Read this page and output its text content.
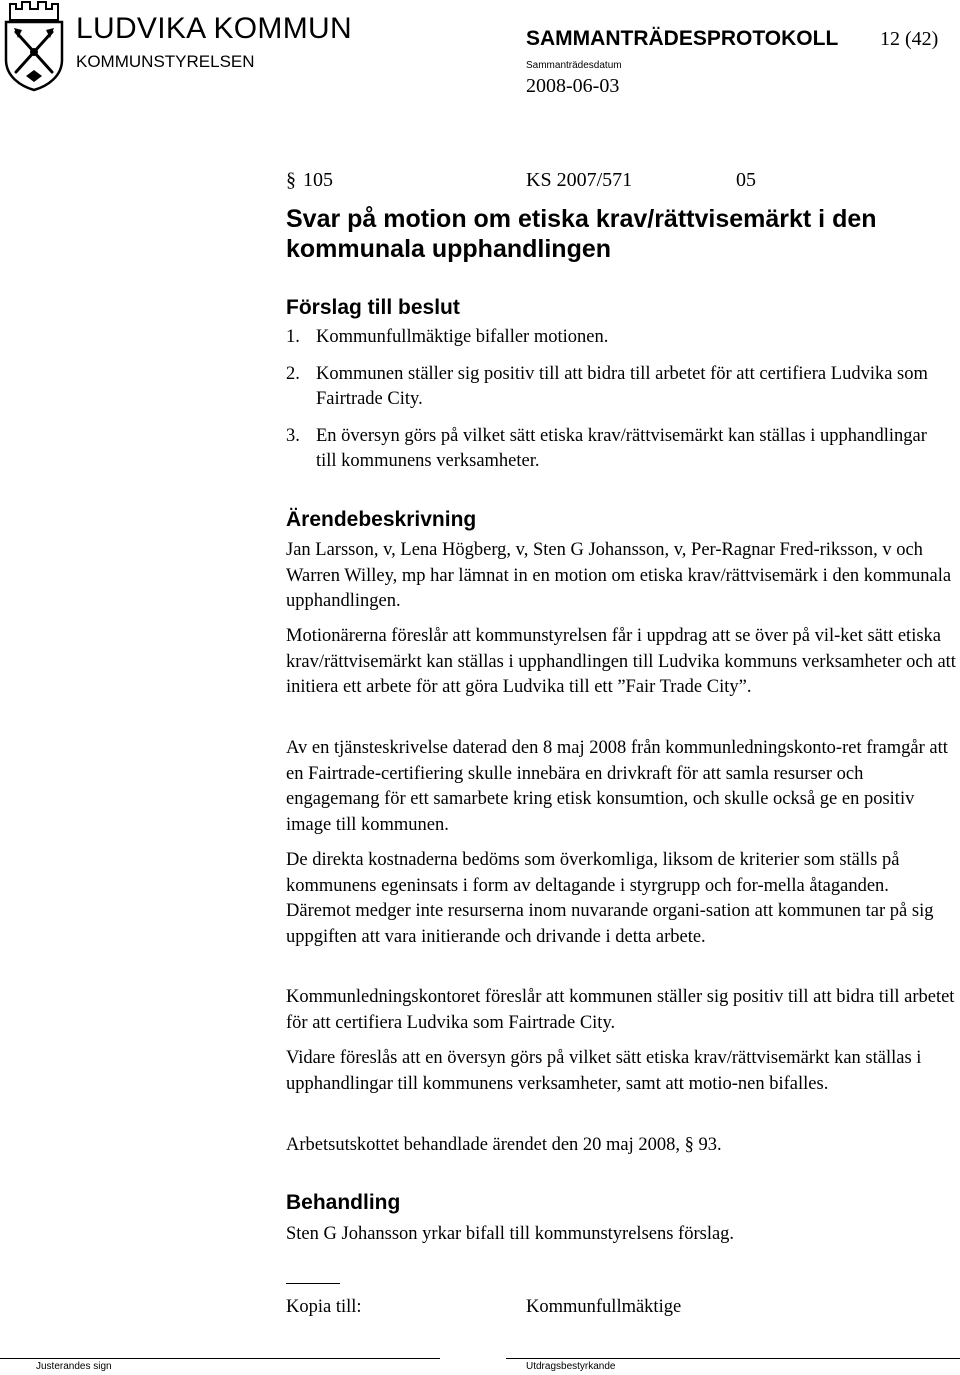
LUDVIKA KOMMUN
KOMMUNSTYRELSEN
SAMMANTRÄDESPROTOKOLL 12 (42)
Sammanträdesdatum
2008-06-03
§ 105	KS 2007/571	05
Svar på motion om etiska krav/rättvisemärkt i den kommunala upphandlingen
Förslag till beslut
1. Kommunfullmäktige bifaller motionen.
2. Kommunen ställer sig positiv till att bidra till arbetet för att certifiera Ludvika som Fairtrade City.
3. En översyn görs på vilket sätt etiska krav/rättvisemärkt kan ställas i upphandlingar till kommunens verksamheter.
Ärendebeskrivning
Jan Larsson, v, Lena Högberg, v, Sten G Johansson, v, Per-Ragnar Fred-riksson, v och Warren Willey, mp har lämnat in en motion om etiska krav/rättvisemärk i den kommunala upphandlingen.
Motionärerna föreslår att kommunstyrelsen får i uppdrag att se över på vil-ket sätt etiska krav/rättvisemärkt kan ställas i upphandlingen till Ludvika kommuns verksamheter och att initiera ett arbete för att göra Ludvika till ett ”Fair Trade City”.
Av en tjänsteskrivelse daterad den 8 maj 2008 från kommunledningskonto-ret framgår att en Fairtrade-certifiering skulle innebära en drivkraft för att samla resurser och engagemang för ett samarbete kring etisk konsumtion, och skulle också ge en positiv image till kommunen.
De direkta kostnaderna bedöms som överkomliga, liksom de kriterier som ställs på kommunens egeninsats i form av deltagande i styrgrupp och for-mella åtaganden. Däremot medger inte resurserna inom nuvarande organi-sation att kommunen tar på sig uppgiften att vara initierande och drivande i detta arbete.
Kommunledningskontoret föreslår att kommunen ställer sig positiv till att bidra till arbetet för att certifiera Ludvika som Fairtrade City.
Vidare föreslås att en översyn görs på vilket sätt etiska krav/rättvisemärkt kan ställas i upphandlingar till kommunens verksamheter, samt att motio-nen bifalles.
Arbetsutskottet behandlade ärendet den 20 maj 2008, § 93.
Behandling
Sten G Johansson yrkar bifall till kommunstyrelsens förslag.
Kopia till:	Kommunfullmäktige
Justerandes sign	Utdragsbestyrkande
